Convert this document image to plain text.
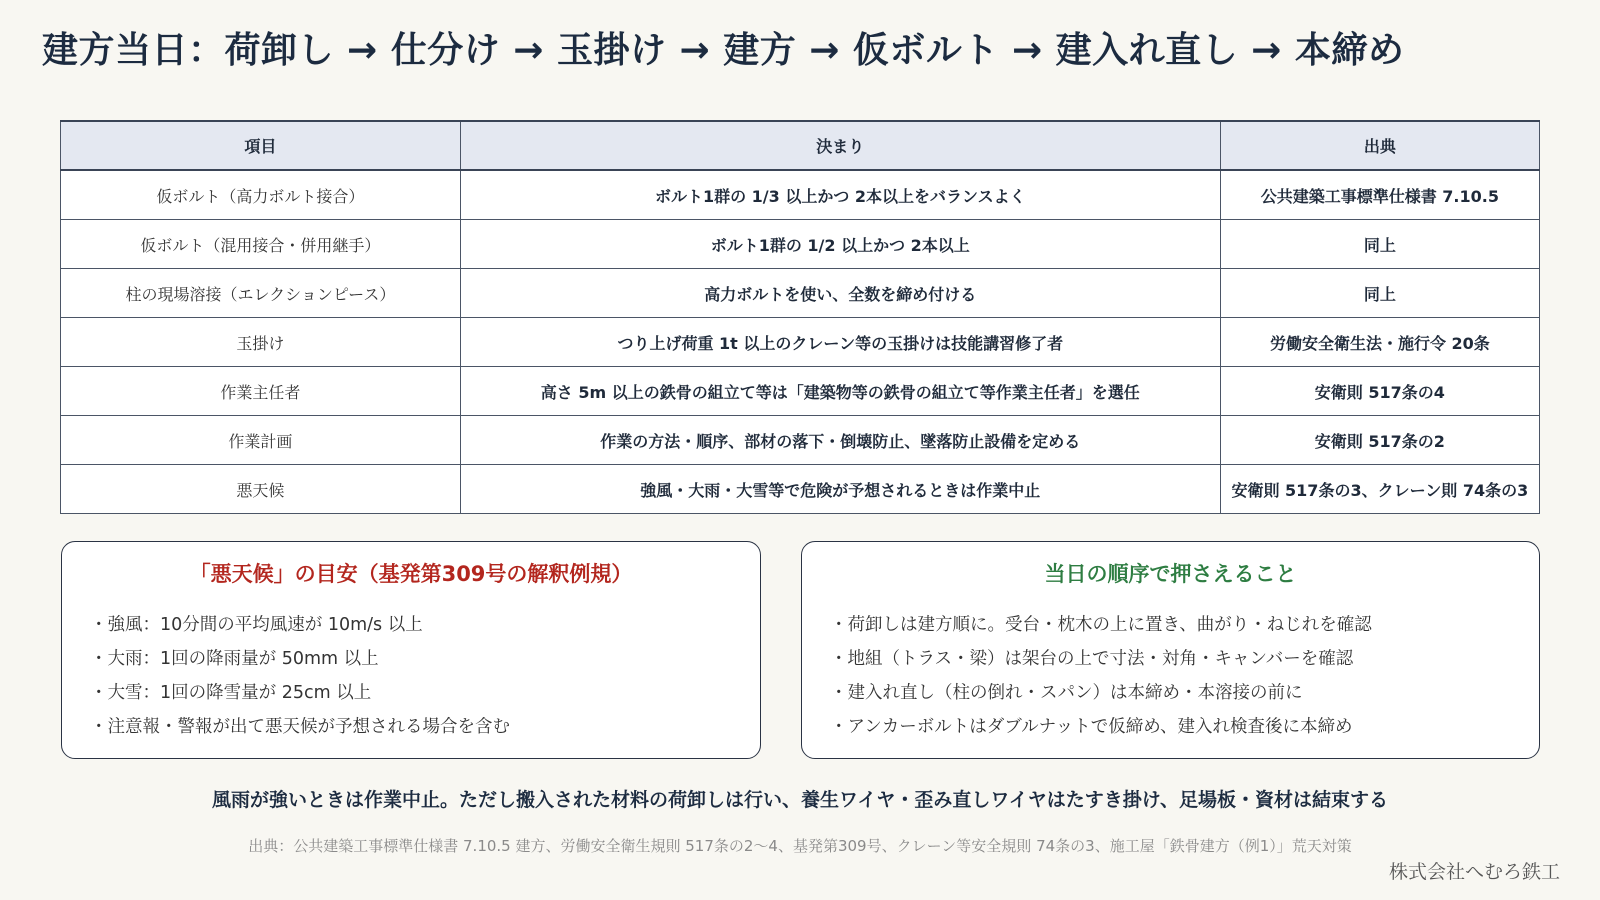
建方当日：荷卸し → 仕分け → 玉掛け → 建方 → 仮ボルト → 建入れ直し → 本締め
項目	決まり	出典
仮ボルト（高力ボルト接合）	ボルト1群の 1/3 以上かつ 2本以上をバランスよく	公共建築工事標準仕様書 7.10.5
仮ボルト（混用接合・併用継手）	ボルト1群の 1/2 以上かつ 2本以上	同上
柱の現場溶接（エレクションピース）	高力ボルトを使い、全数を締め付ける	同上
玉掛け	つり上げ荷重 1t 以上のクレーン等の玉掛けは技能講習修了者	労働安全衛生法・施行令 20条
作業主任者	高さ 5m 以上の鉄骨の組立て等は「建築物等の鉄骨の組立て等作業主任者」を選任	安衛則 517条の4
作業計画	作業の方法・順序、部材の落下・倒壊防止、墜落防止設備を定める	安衛則 517条の2
悪天候	強風・大雨・大雪等で危険が予想されるときは作業中止	安衛則 517条の3、クレーン則 74条の3
「悪天候」の目安（基発第309号の解釈例規）
・ 強風：10分間の平均風速が 10m/s 以上
・ 大雨：1回の降雨量が 50mm 以上
・ 大雪：1回の降雪量が 25cm 以上
・ 注意報・警報が出て悪天候が予想される場合を含む
当日の順序で押さえること
・ 荷卸しは建方順に。受台・枕木の上に置き、曲がり・ねじれを確認
・ 地組（トラス・梁）は架台の上で寸法・対角・キャンバーを確認
・ 建入れ直し（柱の倒れ・スパン）は本締め・本溶接の前に
・ アンカーボルトはダブルナットで仮締め、建入れ検査後に本締め
風雨が強いときは作業中止。ただし搬入された材料の荷卸しは行い、養生ワイヤ・歪み直しワイヤはたすき掛け、足場板・資材は結束する
出典：公共建築工事標準仕様書 7.10.5 建方、労働安全衛生規則 517条の2〜4、基発第309号、クレーン等安全規則 74条の3、施工屋「鉄骨建方（例1）」荒天対策
株式会社へむろ鉄工
